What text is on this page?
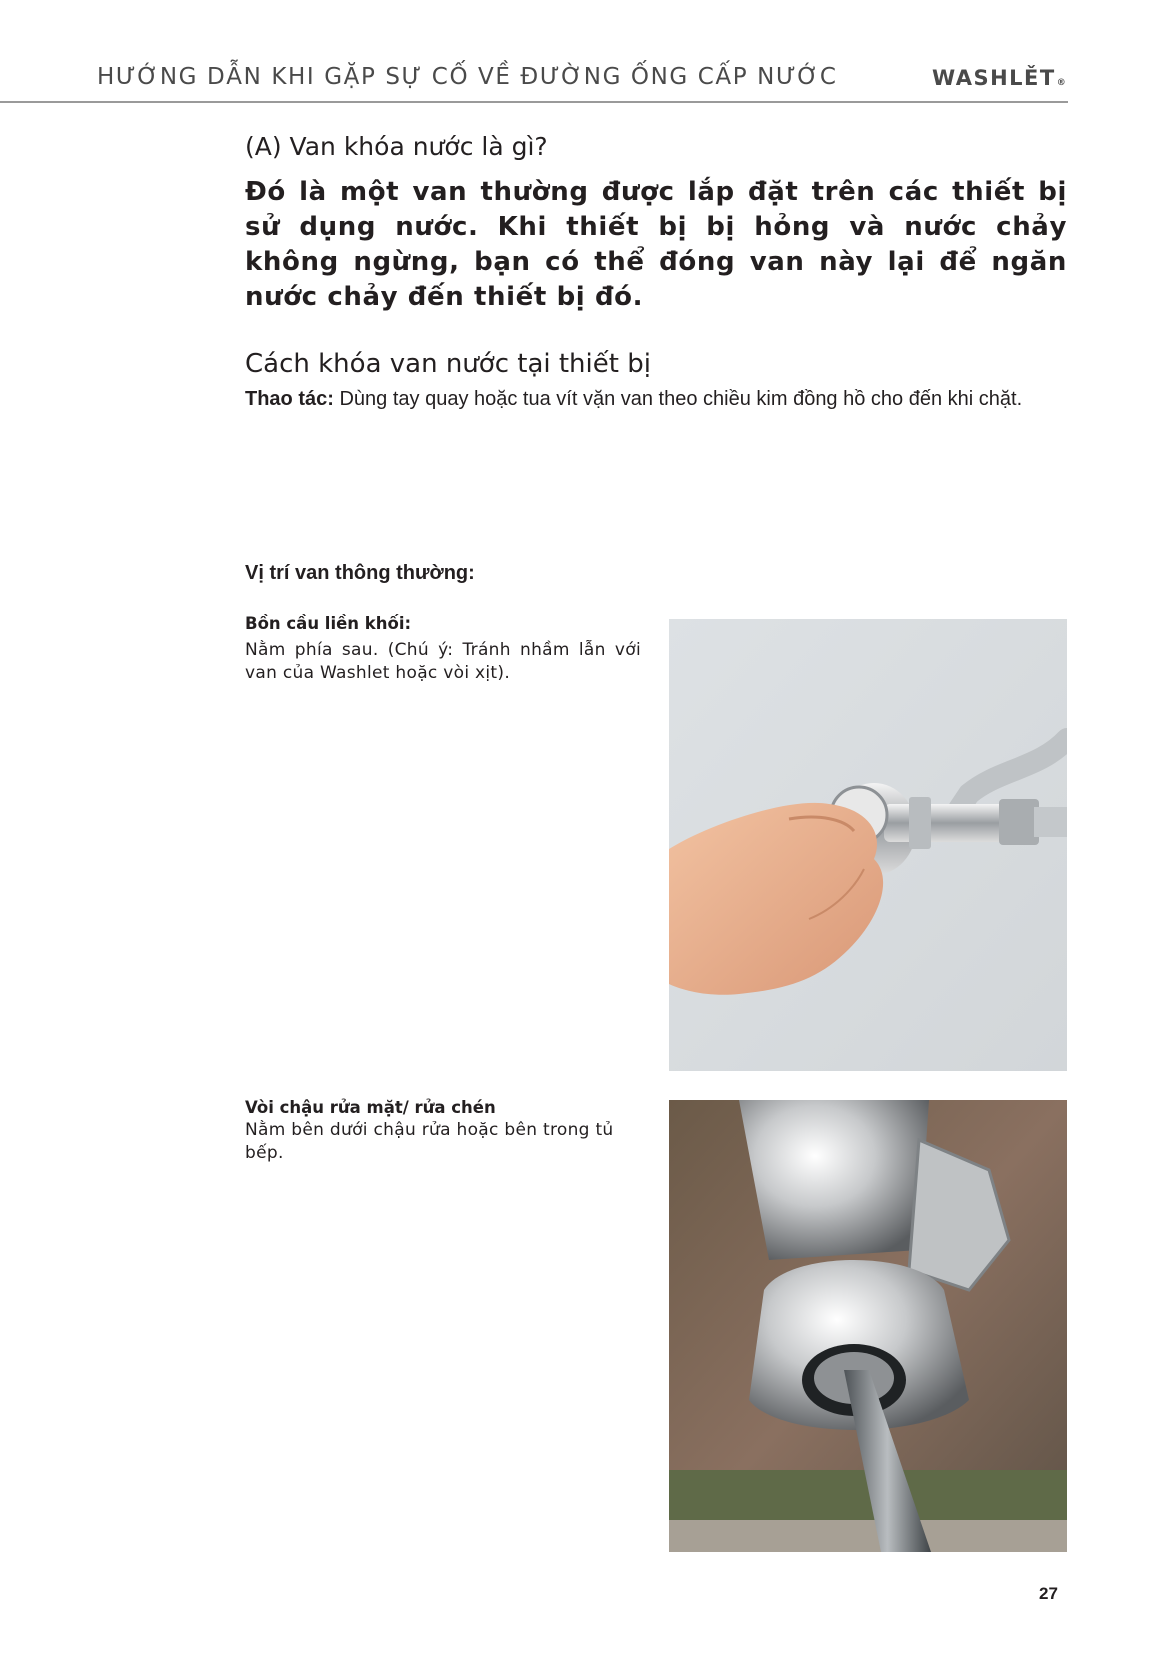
HƯỚNG DẪN KHI GẶP SỰ CỐ VỀ ĐƯỜNG ỐNG CẤP NƯỚC	WASHLĚT®
(A) Van khóa nước là gì?
Đó là một van thường được lắp đặt trên các thiết bị sử dụng nước. Khi thiết bị bị hỏng và nước chảy không ngừng, bạn có thể đóng van này lại để ngăn nước chảy đến thiết bị đó.
Cách khóa van nước tại thiết bị
Thao tác: Dùng tay quay hoặc tua vít vặn van theo chiều kim đồng hồ cho đến khi chặt.
Vị trí van thông thường:
Bồn cầu liền khối:
Nằm phía sau. (Chú ý: Tránh nhầm lẫn với van của Washlet hoặc vòi xịt).
Vòi chậu rửa mặt/ rửa chén
Nằm bên dưới chậu rửa hoặc bên trong tủ bếp.
27
